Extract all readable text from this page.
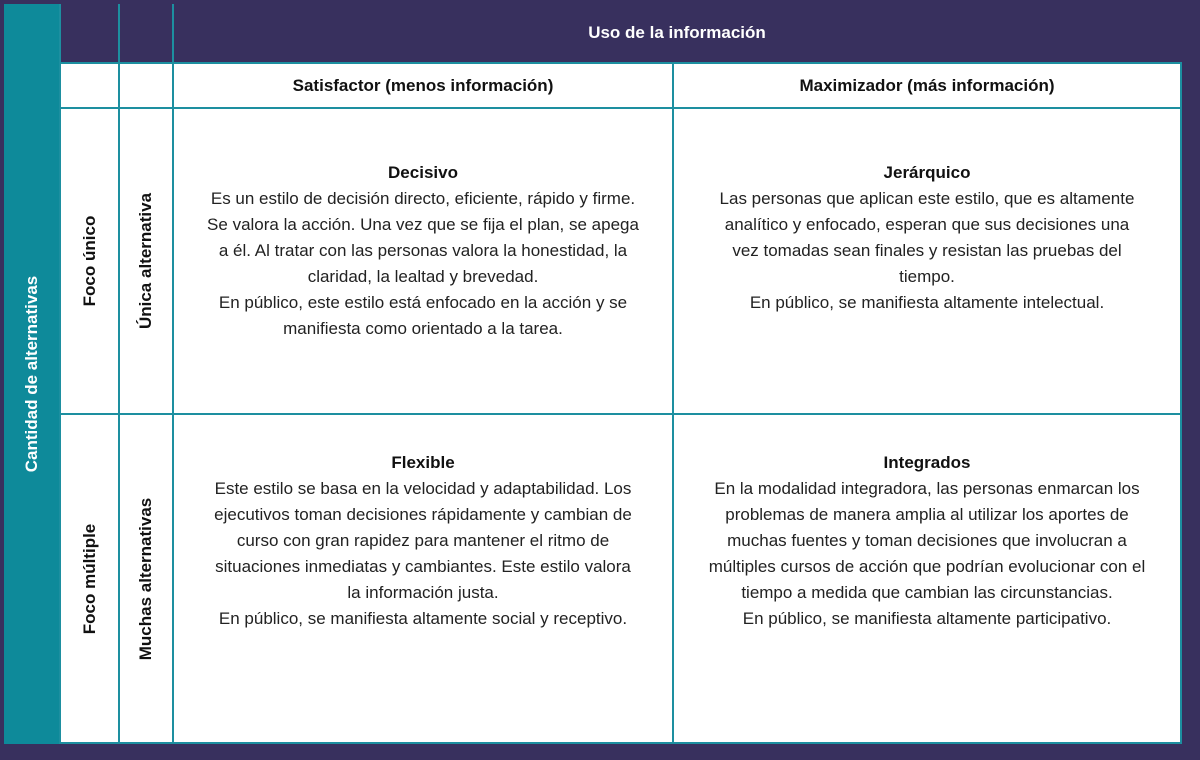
Cantidad de alternativas
Uso de la información
Satisfactor (menos información)	Maximizador (más información)
Foco único Única alternativa
Foco múltiple Muchas alternativas
Decisivo

Es un estilo de decisión directo, eficiente, rápido y firme. Se valora la acción. Una vez que se fija el plan, se apega a él. Al tratar con las personas valora la honestidad, la claridad, la lealtad y brevedad.

En público, este estilo está enfocado en la acción y se manifiesta como orientado a la tarea.

Jerárquico

Las personas que aplican este estilo, que es altamente analítico y enfocado, esperan que sus decisiones una vez tomadas sean finales y resistan las pruebas del tiempo.

En público, se manifiesta altamente intelectual.

Flexible

Este estilo se basa en la velocidad y adaptabilidad. Los ejecutivos toman decisiones rápidamente y cambian de curso con gran rapidez para mantener el ritmo de situaciones inmediatas y cambiantes. Este estilo valora la información justa.

En público, se manifiesta altamente social y receptivo.

Integrados

En la modalidad integradora, las personas enmarcan los problemas de manera amplia al utilizar los aportes de muchas fuentes y toman decisiones que involucran a múltiples cursos de acción que podrían evolucionar con el tiempo a medida que cambian las circunstancias.

En público, se manifiesta altamente participativo.
